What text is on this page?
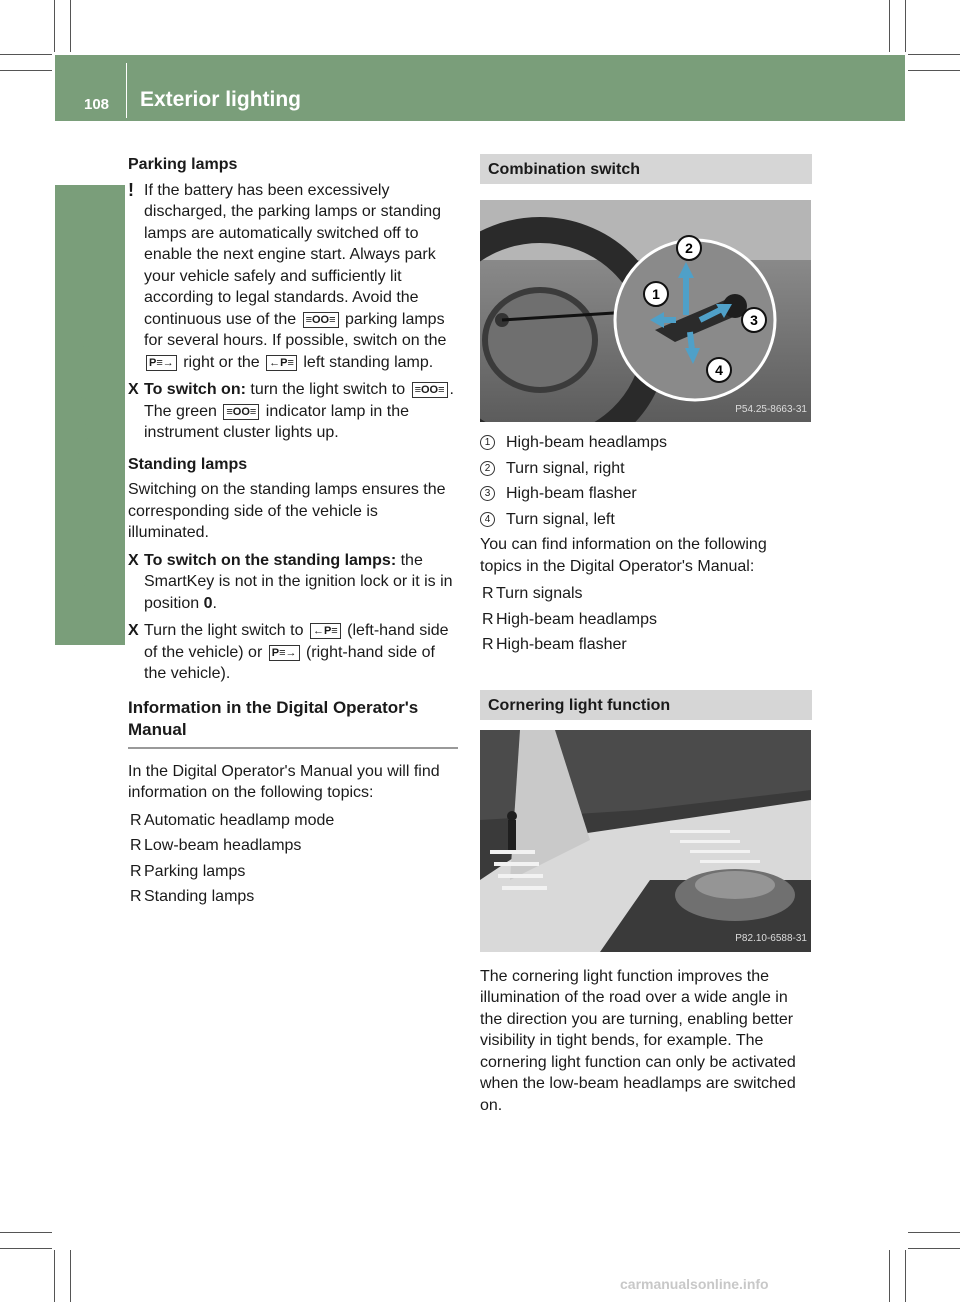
108 Exterior lighting
Lights and windshield wipers

Parking lamps

! If the battery has been excessively discharged, the parking lamps or standing lamps are automatically switched off to enable the next engine start. Always park your vehicle safely and sufficiently lit according to legal standards. Avoid the continuous use of the ≡OO≡ parking lamps for several hours. If possible, switch on the P≡→ right or the ←P≡ left standing lamp.
X To switch on: turn the light switch to ≡OO≡ .
The green ≡OO≡ indicator lamp in the instrument cluster lights up.

Standing lamps

Switching on the standing lamps ensures the corresponding side of the vehicle is illuminated.

X To switch on the standing lamps: the SmartKey is not in the ignition lock or it is in position 0.
X Turn the light switch to ←P≡ (left-hand side of the vehicle) or P≡→ (right-hand side of the vehicle).

Information in the Digital Operator's Manual

In the Digital Operator's Manual you will find information on the following topics:

R Automatic headlamp mode
R Low-beam headlamps
R Parking lamps
R Standing lamps
Combination switch
2
1
3
4
P54.25-8663-31
1 High-beam headlamps
2 Turn signal, right
3 High-beam flasher
4 Turn signal, left

You can find information on the following topics in the Digital Operator's Manual:

R Turn signals
R High-beam headlamps
R High-beam flasher
Cornering light function
P82.10-6588-31

The cornering light function improves the illumination of the road over a wide angle in the direction you are turning, enabling better visibility in tight bends, for example. The cornering light function can only be activated when the low-beam headlamps are switched on.

carmanualsonline.info
